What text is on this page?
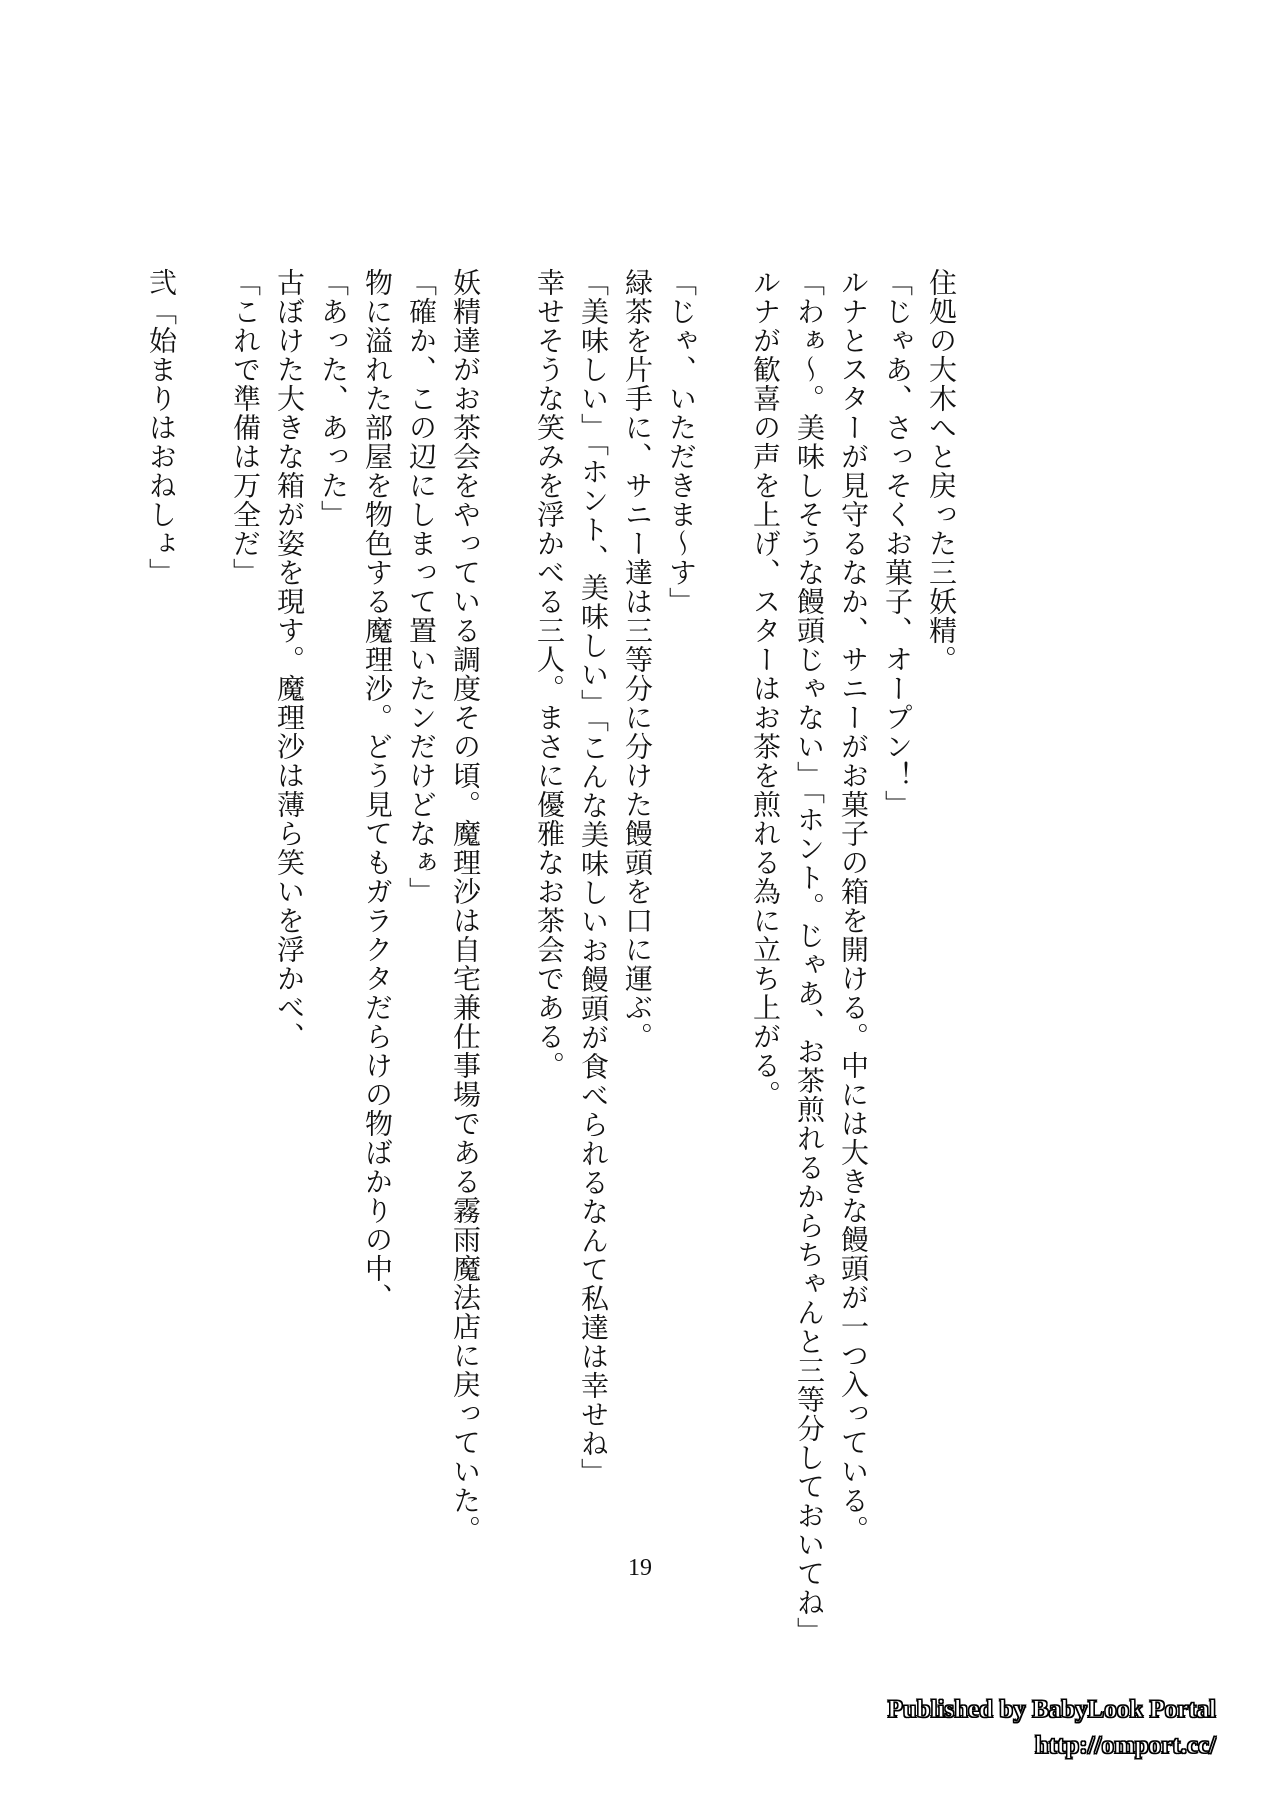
住処の大木へと戻った三妖精。

「じゃあ、さっそくお菓子、オープン！」

ルナとスターが見守るなか、サニーがお菓子の箱を開ける。中には大きな饅頭が一つ入っている。

「わぁ～。美味しそうな饅頭じゃない」「ホント。じゃあ、お茶煎れるからちゃんと三等分しておいてね」

ルナが歓喜の声を上げ、スターはお茶を煎れる為に立ち上がる。

「じゃ、いただきま～す」

緑茶を片手に、サニー達は三等分に分けた饅頭を口に運ぶ。

「美味しい」「ホント、美味しい」「こんな美味しいお饅頭が食べられるなんて私達は幸せね」

幸せそうな笑みを浮かべる三人。まさに優雅なお茶会である。

妖精達がお茶会をやっている調度その頃。魔理沙は自宅兼仕事場である霧雨魔法店に戻っていた。

「確か、この辺にしまって置いたンだけどなぁ」

物に溢れた部屋を物色する魔理沙。どう見てもガラクタだらけの物ばかりの中、

「あった、あった」

古ぼけた大きな箱が姿を現す。魔理沙は薄ら笑いを浮かべ、

「これで準備は万全だ」

弐「始まりはおねしょ」

19
Published by BabyLook Portal
http://omport.cc/
